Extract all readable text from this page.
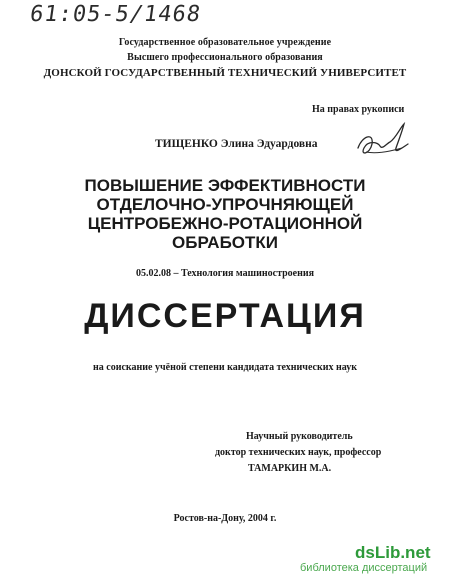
61:05-5/1468
Государственное образовательное учреждение
Высшего профессионального образования
ДОНСКОЙ ГОСУДАРСТВЕННЫЙ ТЕХНИЧЕСКИЙ УНИВЕРСИТЕТ
На правах рукописи
ТИЩЕНКО Элина Эдуардовна
ПОВЫШЕНИЕ ЭФФЕКТИВНОСТИ
ОТДЕЛОЧНО-УПРОЧНЯЮЩЕЙ
ЦЕНТРОБЕЖНО-РОТАЦИОННОЙ
ОБРАБОТКИ
05.02.08 – Технология машиностроения
ДИССЕРТАЦИЯ
на соискание учёной степени кандидата технических наук
Научный руководитель
доктор технических наук, профессор
ТАМАРКИН М.А.
Ростов-на-Дону, 2004 г.
dsLib.net
библиотека диссертаций
